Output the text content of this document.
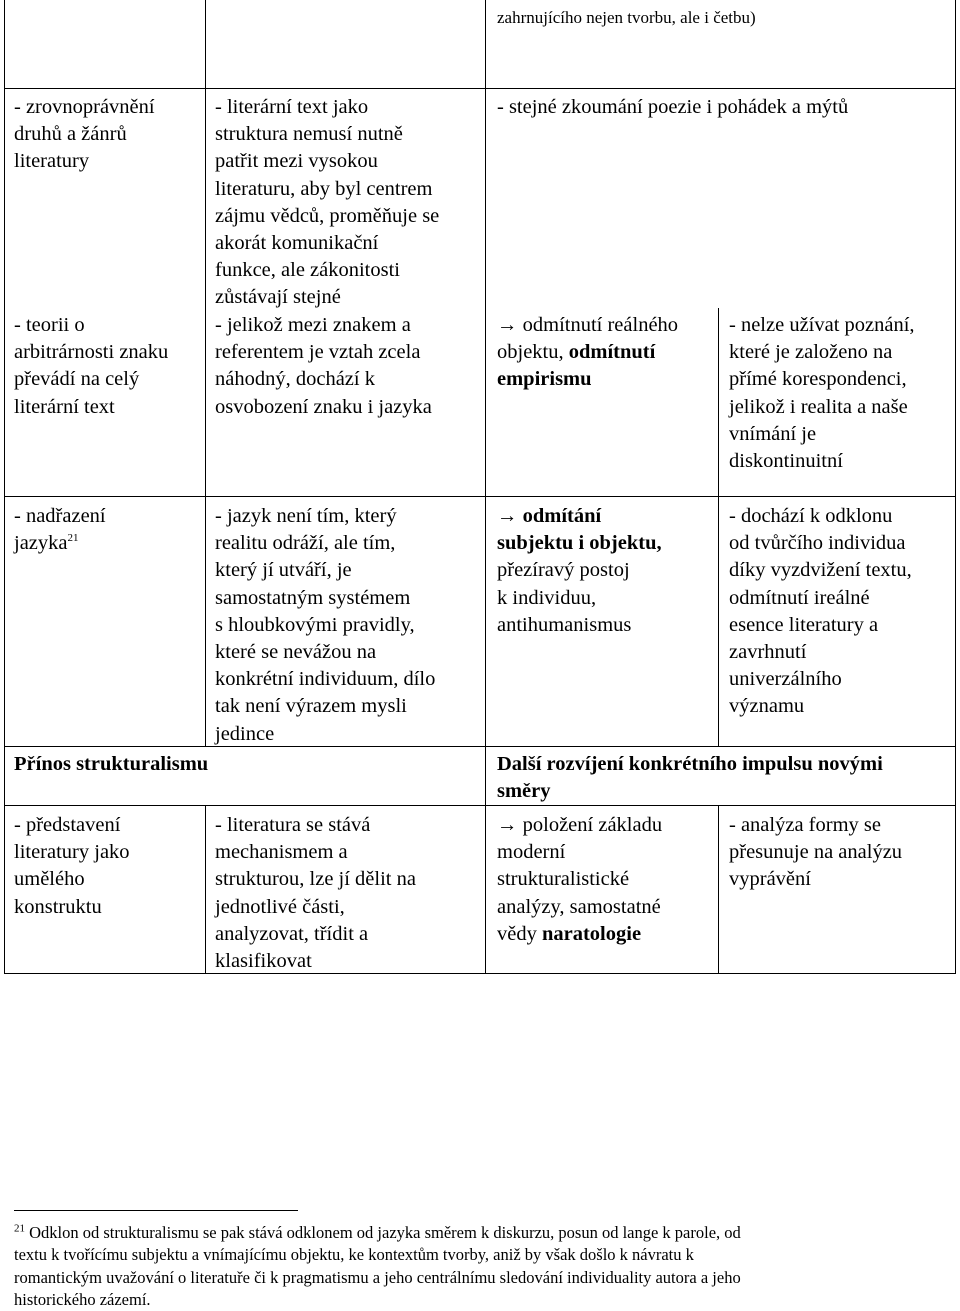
zahrnujícího nejen tvorbu, ale i četbu)
- zrovnoprávnění
druhů a žánrů
literatury
- teorii o
arbitrárnosti znaku
převádí na celý
literární text
- literární text jako
struktura nemusí nutně
patřit mezi vysokou
literaturu, aby byl centrem
zájmu vědců, proměňuje se
akorát komunikační
funkce, ale zákonitosti
zůstávají stejné
- jelikož mezi znakem a
referentem je vztah zcela
náhodný, dochází k
osvobození znaku i jazyka
- stejné zkoumání poezie i pohádek a mýtů
→ odmítnutí reálného
objektu, odmítnutí
empirismu
- nelze užívat poznání,
které je založeno na
přímé korespondenci,
jelikož i realita a naše
vnímání je
diskontinuitní
- nadřazení
jazyka$^{21}$
- jazyk není tím, který
realitu odráží, ale tím,
který jí utváří, je
samostatným systémem
s hloubkovými pravidly,
které se nevážou na
konkrétní individuum, dílo
tak není výrazem mysli
jedince
→ odmítání
subjektu i objektu,
přezíravý postoj
k individuu,
antihumanismus
- dochází k odklonu
od tvůrčího individua
díky vyzdvižení textu,
odmítnutí ireálné
esence literatury a
zavrhnutí
univerzálního
významu
Přínos strukturalismu	Další rozvíjení konkrétního impulsu novými
směry
- představení
literatury jako
umělého
konstruktu
- literatura se stává
mechanismem a
strukturou, lze jí dělit na
jednotlivé části,
analyzovat, třídit a
klasifikovat
→ položení základu
moderní
strukturalistické
analýzy, samostatné
vědy naratologie
- analýza formy se
přesunuje na analýzu
vyprávění

$^{21}$ Odklon od strukturalismu se pak stává odklonem od jazyka směrem k diskurzu, posun od lange k parole, od

textu k tvořícímu subjektu a vnímajícímu objektu, ke kontextům tvorby, aniž by však došlo k návratu k

romantickým uvažování o literatuře či k pragmatismu a jeho centrálnímu sledování individuality autora a jeho

historického zázemí.
